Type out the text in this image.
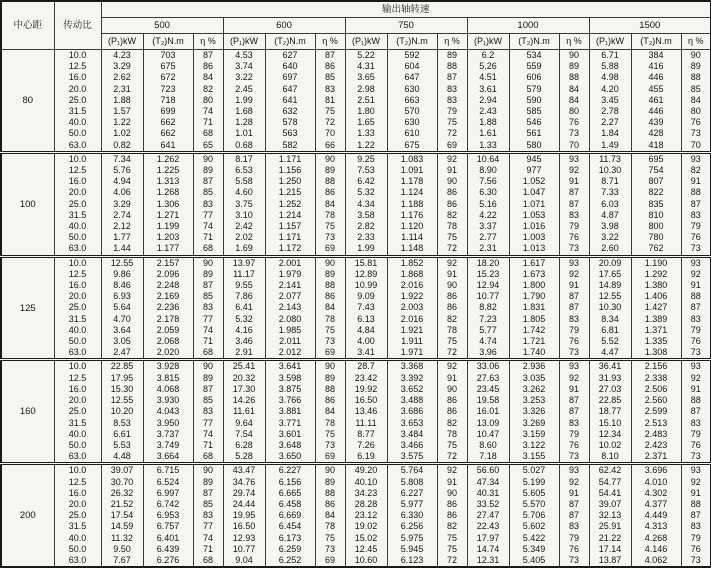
中心距	传动比	输出轴转速														
		500			600			750			1000			1500		
		(P₁)kW	(T₂)N.m	η %	(P₁)kW	(T₂)N.m	η %	(P₁)kW	(T₂)N.m	η %	(P₁)kW	(T₂)N.m	η %	(P₁)kW	(T₂)N.m	η %
80	10.0	4.23	703	87	4.53	627	87	5.22	592	89	6.2	534	90	6.71	384	90
	12.5	3.29	675	86	3.74	640	86	4.31	604	88	5.26	559	89	5.88	416	89
	16.0	2.62	672	84	3.22	697	85	3.65	647	87	4.51	606	88	4.98	446	88
	20.0	2.31	723	82	2.45	647	83	2.98	630	83	3.61	579	84	4.20	455	85
	25.0	1.88	718	80	1.99	641	81	2.51	663	83	2.94	590	84	3.45	461	84
	31.5	1.57	699	74	1.68	632	75	1.80	570	79	2.43	585	80	2.78	446	80
	40.0	1.22	662	71	1.28	578	72	1.65	630	75	1.88	546	76	2.27	439	76
	50.0	1.02	662	68	1.01	563	70	1.33	610	72	1.61	561	73	1.84	428	73
	63.0	0.82	641	65	0.68	582	66	1.22	675	69	1.33	580	70	1.49	418	70
100	10.0	7.34	1.262	90	8.17	1.171	90	9.25	1.083	92	10.64	945	93	11.73	695	93
	12.5	5.76	1.225	89	6.53	1.156	89	7.53	1.091	91	8.90	977	92	10.30	754	82
	16.0	4.94	1.313	87	5.58	1.250	88	6.42	1.178	90	7.56	1.052	91	8.71	807	91
	20.0	4.06	1.268	85	4.60	1.215	86	5.32	1.124	86	6.30	1.047	87	7.33	822	88
	25.0	3.29	1.306	83	3.75	1.252	84	4.34	1.188	86	5.16	1.071	87	6.03	835	87
	31.5	2.74	1.271	77	3.10	1.214	78	3.58	1.176	82	4.22	1.053	83	4.87	810	83
	40.0	2.12	1.199	74	2.42	1.157	75	2.82	1.120	78	3.37	1.016	79	3.98	800	79
	50.0	1.77	1.203	71	2.02	1.171	73	2.33	1.114	75	2.77	1.003	76	3.22	780	76
	63.0	1.44	1.177	68	1.69	1.172	69	1.99	1.148	72	2.31	1.013	73	2.60	762	73
125	10.0	12.55	2.157	90	13.97	2.001	90	15.81	1.852	92	18.20	1.617	93	20.09	1.190	93
	12.5	9.86	2.096	89	11.17	1.979	89	12.89	1.868	91	15.23	1.673	92	17.65	1.292	92
	16.0	8.46	2.248	87	9.55	2.141	88	10.99	2.016	90	12.94	1.800	91	14.89	1.380	91
	20.0	6.93	2.169	85	7.86	2.077	86	9.09	1.922	86	10.77	1.790	87	12.55	1.406	88
	25.0	5.64	2.236	83	6.41	2.143	84	7.43	2.003	86	8.82	1.831	87	10.30	1.427	87
	31.5	4.70	2.178	77	5.32	2.080	78	6.13	2.016	82	7.23	1.805	83	8.34	1.389	83
	40.0	3.64	2.059	74	4.16	1.985	75	4.84	1.921	78	5.77	1.742	79	6.81	1.371	79
	50.0	3.05	2.068	71	3.46	2.011	73	4.00	1.911	75	4.74	1.721	76	5.52	1.335	76
	63.0	2.47	2.020	68	2.91	2.012	69	3.41	1.971	72	3.96	1.740	73	4.47	1.308	73
160	10.0	22.85	3.928	90	25.41	3.641	90	28.7	3.368	92	33.06	2.936	93	36.41	2.156	93
	12.5	17.95	3.815	89	20.32	3.598	89	23.42	3.392	91	27.63	3.035	92	31.93	2.338	92
	16.0	15.30	4.068	87	17.30	3.875	88	19.92	3.652	90	23.45	3.262	91	27.03	2.506	91
	20.0	12.55	3.930	85	14.26	3.766	86	16.50	3.488	86	19.58	3.253	87	22.85	2.560	88
	25.0	10.20	4.043	83	11.61	3.881	84	13.46	3.686	86	16.01	3.326	87	18.77	2.599	87
	31.5	8.53	3.950	77	9.64	3.771	78	11.11	3.653	82	13.09	3.269	83	15.10	2.513	83
	40.0	6.61	3.737	74	7.54	3.601	75	8.77	3.484	78	10.47	3.159	79	12.34	2.483	79
	50.0	5.53	3.749	71	6.28	3.648	73	7.26	3.466	75	8.60	3.122	76	10.02	2.423	76
	63.0	4.48	3.664	68	5.28	3.650	69	6.19	3.575	72	7.18	3.155	73	8.10	2.371	73
200	10.0	39.07	6.715	90	43.47	6.227	90	49.20	5.764	92	56.60	5.027	93	62.42	3.696	93
	12.5	30.70	6.524	89	34.76	6.156	89	40.10	5.808	91	47.34	5.199	92	54.77	4.010	92
	16.0	26.32	6.997	87	29.74	6.665	88	34.23	6.227	90	40.31	5.605	91	54.41	4.302	91
	20.0	21.52	6.742	85	24.44	6.458	86	28.28	5.977	86	33.52	5.570	87	39.07	4.377	88
	25.0	17.54	6.953	83	19.95	6.669	84	23.12	6.330	86	27.47	5.706	87	32.13	4.449	87
	31.5	14.59	6.757	77	16.50	6.454	78	19.02	6.256	82	22.43	5.602	83	25.91	4.313	83
	40.0	11.32	6.401	74	12.93	6.173	75	15.02	5.975	75	17.97	5.422	79	21.22	4.268	79
	50.0	9.50	6.439	71	10.77	6.259	73	12.45	5.945	75	14.74	5.349	76	17.14	4.146	76
	63.0	7.67	6.276	68	9.04	6.252	69	10.60	6.123	72	12.31	5.405	73	13.87	4.062	73
